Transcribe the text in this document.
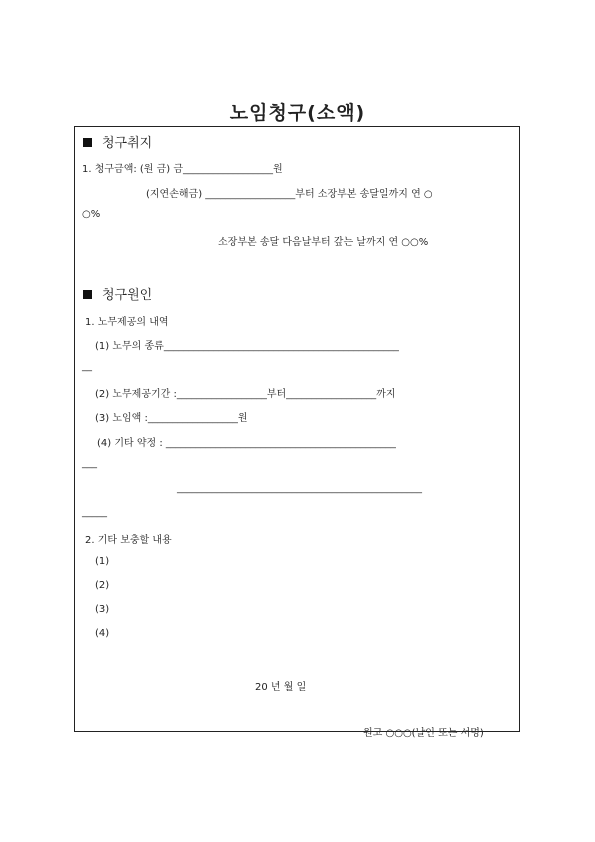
노임청구(소액)
청구취지
1. 청구금액: (원 금) 금__________________원
(지연손해금) __________________부터 소장부본 송달일까지 연 ○
○%
소장부본 송달 다음날부터 갚는 날까지 연 ○○%
청구원인
1. 노무제공의 내역
(1) 노무의 종류_______________________________________________
__
(2) 노무제공기간 :__________________부터__________________까지
(3) 노임액 :__________________원
(4) 기타 약정 : ______________________________________________
___
_________________________________________________
_____
2. 기타 보충할 내용
(1)
(2)
(3)
(4)
20 년 월 일
원고 ○○○(날인 또는 서명)
